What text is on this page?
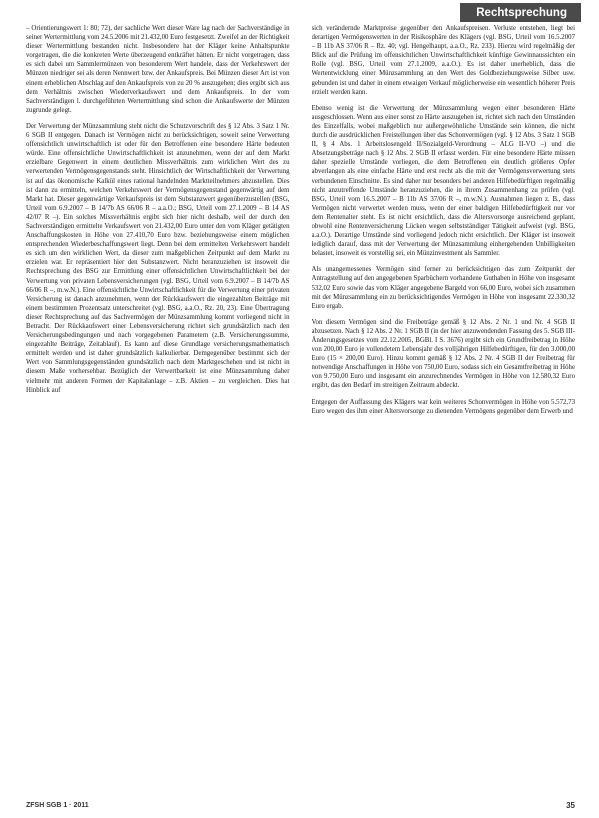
Rechtsprechung

– Orientierungswert 1: 80; 72), der sachliche Wert dieser Ware lag nach der Sachverständige in seiner Wertermittlung vom 24.5.2006 mit 21.432,00 Euro festgesetzt. Zweifel an der Richtigkeit dieser Wertermittlung bestanden nicht. Insbesondere hat der Kläger keine Anhaltspunkte vorgetragen, die die konkreten Werte überzeugend entkräftet hätten. Er nicht vorgetragen, dass es sich dabei um Sammlermünzen von besonderem Wert handele, dass der Verkehrswert der Münzen niedriger sei als deren Nennwert bzw. der Ankaufspreis. Bei Münzen dieser Art ist von einem erheblichen Abschlag auf den Ankaufspreis von zu 20 % auszugehen; dies ergibt sich aus dem Verhältnis zwischen Wiederverkaufswert und dem Ankaufspreis. In der vom Sachverständigen l. durchgeführten Wertermittlung sind schon die Ankaufswerte der Münzen zugrunde gelegt.

Der Verwertung der Münzsammlung steht nicht die Schutzvorschrift des § 12 Abs. 3 Satz 1 Nr. 6 SGB II entgegen. Danach ist Vermögen nicht zu berücksichtigen, soweit seine Verwertung offensichtlich unwirtschaftlich ist oder für den Betroffenen eine besondere Härte bedeuten würde. Eine offensichtliche Unwirtschaftlichkeit ist anzunehmen, wenn der auf dem Markt erzielbare Gegenwert in einem deutlichen Missverhältnis zum wirklichen Wert des zu verwertenden Vermögensgegenstands steht. Hinsichtlich der Wirtschaftlichkeit der Verwertung ist auf das ökonomische Kalkül eines rational handelnden Marktteilnehmers abzustellen. Dies ist dann zu ermitteln, welchen Verkehrswert der Vermögensgegenstand gegenwärtig auf dem Markt hat. Dieser gegenwärtige Verkaufspreis ist dem Substanzwert gegenüberzustellen (BSG, Urteil vom 6.9.2007 – B 14/7b AS 66/06 R – a.a.O.; BSG, Urteil vom 27.1.2009 – B 14 AS 42/07 R –). Ein solches Missverhältnis ergibt sich hier nicht deshalb, weil der durch den Sachverständigen ermittelte Verkaufswert von 21.432,00 Euro unter den vom Kläger getätigten Anschaffungskosten in Höhe von 27.410,70 Euro bzw. beziehungsweise einem möglichen entsprechenden Wiederbeschaffungswert liegt. Denn bei dem ermittelten Verkehrswert handelt es sich um den wirklichen Wert, da dieser zum maßgeblichen Zeitpunkt auf dem Markt zu erzielen war. Er repräsentiert hier den Substanzwert. Nicht heranzuziehen ist insoweit die Rechtsprechung des BSG zur Ermittlung einer offensichtlichen Unwirtschaftlichkeit bei der Verwertung von privaten Lebensversicherungen (vgl. BSG, Urteil vom 6.9.2007 – B 14/7b AS 66/06 R –, m.w.N.). Eine offensichtliche Unwirtschaftlichkeit für die Verwertung einer privaten Versicherung ist danach anzunehmen, wenn der Rückkaufswert die eingezahlten Beiträge mit einem bestimmten Prozentsatz unterschreitet (vgl. BSG, a.a.O., Rz. 20, 23). Eine Übertragung dieser Rechtsprechung auf das Sachvermögen der Münzsammlung kommt vorliegend nicht in Betracht. Der Rückkaufswert einer Lebensversicherung richtet sich grundsätzlich nach den Versicherungsbedingungen und nach vorgegebenen Parametern (z.B. Versicherungssumme, eingezahlte Beiträge, Zeitablauf). Es kann auf diese Grundlage versicherungsmathematisch ermittelt werden und ist daher grundsätzlich kalkulierbar. Demgegenüber bestimmt sich der Wert von Sammlungsgegenständen grundsätzlich nach dem Marktgeschehen und ist nicht in diesem Maße vorhersehbar. Bezüglich der Verwertbarkeit ist eine Münzsammlung daher vielmehr mit anderen Formen der Kapitalanlage – z.B. Aktien – zu vergleichen. Dies hat Hinblick auf

sich verändernde Marktpreise gegenüber den Ankaufspreisen. Verluste entstehen, liegt bei derartigen Vermögenswerten in der Risikosphäre des Klägers (vgl. BSG, Urteil vom 16.5.2007 – B 11b AS 37/06 R – Rz. 40; vgl. Hengelhaupt, a.a.O., Rz. 233). Hierzu wird regelmäßig der Blick auf die Prüfung im offensichtlichen Unwirtschaftlichkeit künftige Gewinnaussichten ein Rolle (vgl. BSG, Urteil vom 27.1.2009, a.a.O.). Es ist daher unerheblich, dass die Wertentwicklung einer Münzsammlung an den Wert des Goldbeziehungsweise Silber usw. gebunden ist und daher in einem etwaigen Verkauf möglicherweise ein wesentlich höherer Preis erzielt werden kann.

Ebenso wenig ist die Verwertung der Münzsammlung wegen einer besonderen Härte ausgeschlossen. Wenn aus einer sonst zu Härte auszugehen ist, richtet sich nach den Umständen des Einzelfalls, wobei maßgeblich nur außergewöhnliche Umstände sein können, die nicht durch die ausdrücklichen Freistellungen über das Schonvermögen (vgl. § 12 Abs. 3 Satz 1 SGB II, § 4 Abs. 1 Arbeitslosengeld II/Sozialgeld-Verordnung – ALG II-VO –) und die Absetzungsbeträge nach § 12 Abs. 2 SGB II erfasst werden. Für eine besondere Härte müssen daher spezielle Umstände vorliegen, die dem Betroffenen ein deutlich größeres Opfer abverlangen als eine einfache Härte und erst recht als die mit der Vermögensverwertung stets verbundenen Einschnitte. Es sind daher nur besonders bei anderen Hilfebedürftigen regelmäßig nicht anzutreffende Umstände heranzuziehen, die in ihrem Zusammenhang zu prüfen (vgl. BSG, Urteil vom 16.5.2007 – B 11b AS 37/06 R –, m.w.N.). Ausnahmen liegen z. B., dass Vermögen nicht verwertet werden muss, wenn der einer baldigen Hilfebedürftigkeit nur vor dem Rentenalter steht. Es ist nicht ersichtlich, dass die Altersvorsorge ausreichend geplant, obwohl eine Rentenversicherung Lücken wegen selbstständiger Tätigkeit aufweist (vgl. BSG, a.a.O.). Derartige Umstände sind vorliegend jedoch nicht ersichtlich. Der Kläger ist insoweit lediglich darauf, dass mit der Verwertung der Münzsammlung einhergehenden Unbilligkeiten belastet, insoweit es vorstellig sei, ein Münzinvestment als Sammler.

Als unangemessenes Vermögen sind ferner zu berücksichtigen das zum Zeitpunkt der Antragstellung auf den angegebenen Sparbüchern vorhandene Guthaben in Höhe von insgesamt 532,02 Euro sowie das vom Kläger angegebene Bargeld von 66,00 Euro, wobei sich zusammen mit der Münzsammlung ein zu berücksichtigendes Vermögen in Höhe von insgesamt 22.330,32 Euro ergab.

Von diesem Vermögen sind die Freibeträge gemäß § 12 Abs. 2 Nr. 1 und Nr. 4 SGB II abzusetzen. Nach § 12 Abs. 2 Nr. 1 SGB II (in der hier anzuwendenden Fassung des 5. SGB III-Änderungsgesetzes vom 22.12.2005, BGBl. I S. 3676) ergibt sich ein Grundfreibetrag in Höhe von 200,00 Euro je vollendetem Lebensjahr des volljährigen Hilfebedürftigen, für den 3.000,00 Euro (15 × 200,00 Euro). Hinzu kommt gemäß § 12 Abs. 2 Nr. 4 SGB II der Freibetrag für notwendige Anschaffungen in Höhe von 750,00 Euro, sodass sich ein Gesamtfreibetrag in Höhe von 9.750,00 Euro und insgesamt ein anzurechnendes Vermögen in Höhe von 12.580,32 Euro ergibt, das den Bedarf im streitigen Zeitraum abdeckt.

Entgegen der Auffassung des Klägers war kein weiteres Schonvermögen in Höhe von 5.572,73 Euro wegen des ihm einer Altersvorsorge zu dienenden Vermögens gegenüber dem Erwerb und

ZFSH SGB 1 · 2011	35
